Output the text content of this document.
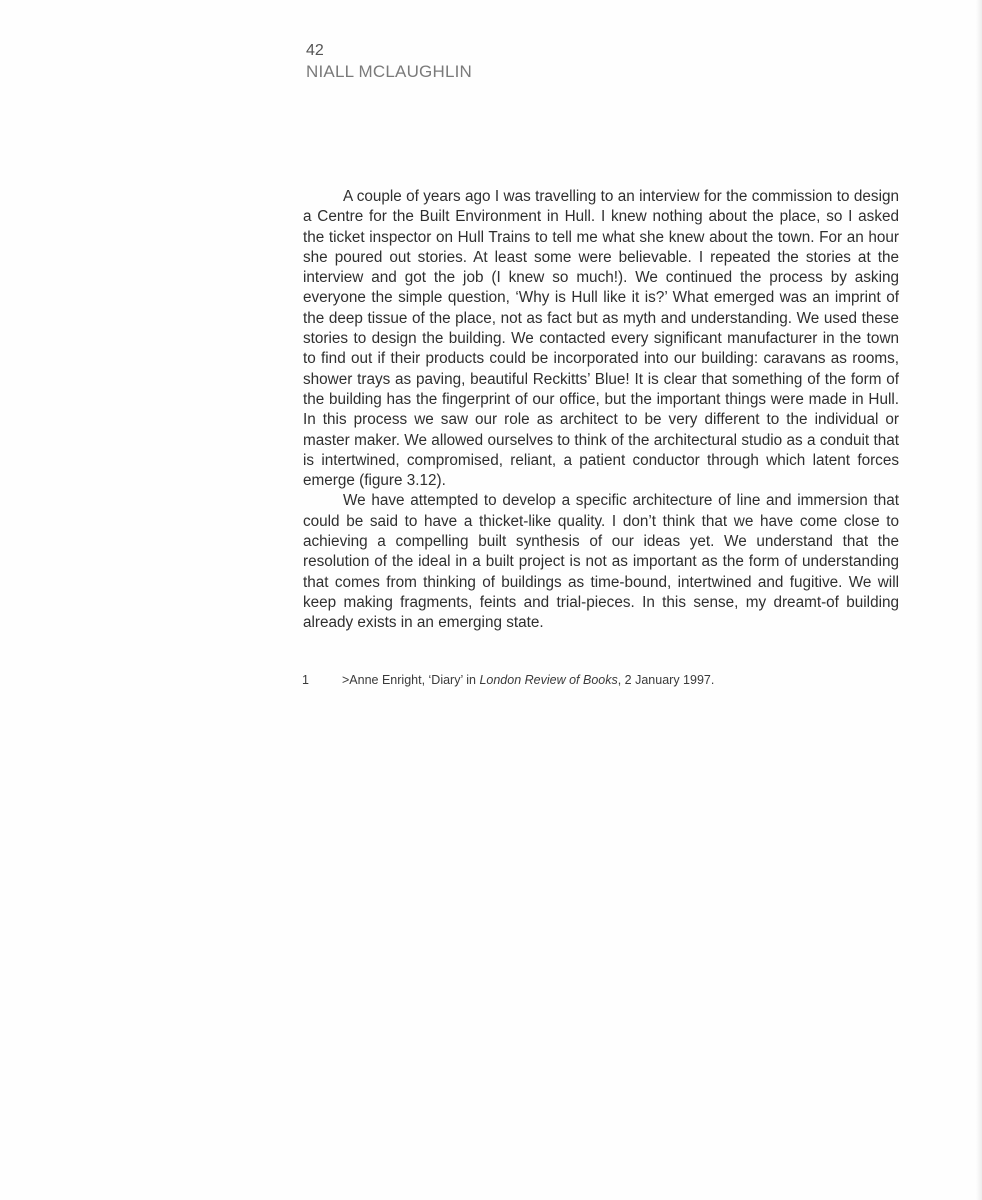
42
NIALL MCLAUGHLIN

A couple of years ago I was travelling to an interview for the commission to design a Centre for the Built Environment in Hull. I knew nothing about the place, so I asked the ticket inspector on Hull Trains to tell me what she knew about the town. For an hour she poured out stories. At least some were believable. I repeated the stories at the interview and got the job (I knew so much!). We continued the process by asking everyone the simple question, ‘Why is Hull like it is?’ What emerged was an imprint of the deep tissue of the place, not as fact but as myth and understanding. We used these stories to design the building. We contacted every significant manufacturer in the town to find out if their products could be incorporated into our building: caravans as rooms, shower trays as paving, beautiful Reckitts’ Blue! It is clear that something of the form of the building has the fingerprint of our office, but the important things were made in Hull. In this process we saw our role as architect to be very different to the individual or master maker. We allowed ourselves to think of the architectural studio as a conduit that is intertwined, compromised, reliant, a patient conductor through which latent forces emerge (figure 3.12).

We have attempted to develop a specific architecture of line and immersion that could be said to have a thicket-like quality. I don’t think that we have come close to achieving a compelling built synthesis of our ideas yet. We understand that the resolution of the ideal in a built project is not as important as the form of understanding that comes from thinking of buildings as time-bound, intertwined and fugitive. We will keep making fragments, feints and trial-pieces. In this sense, my dreamt-of building already exists in an emerging state.

1	>Anne Enright, ‘Diary’ in London Review of Books, 2 January 1997.
